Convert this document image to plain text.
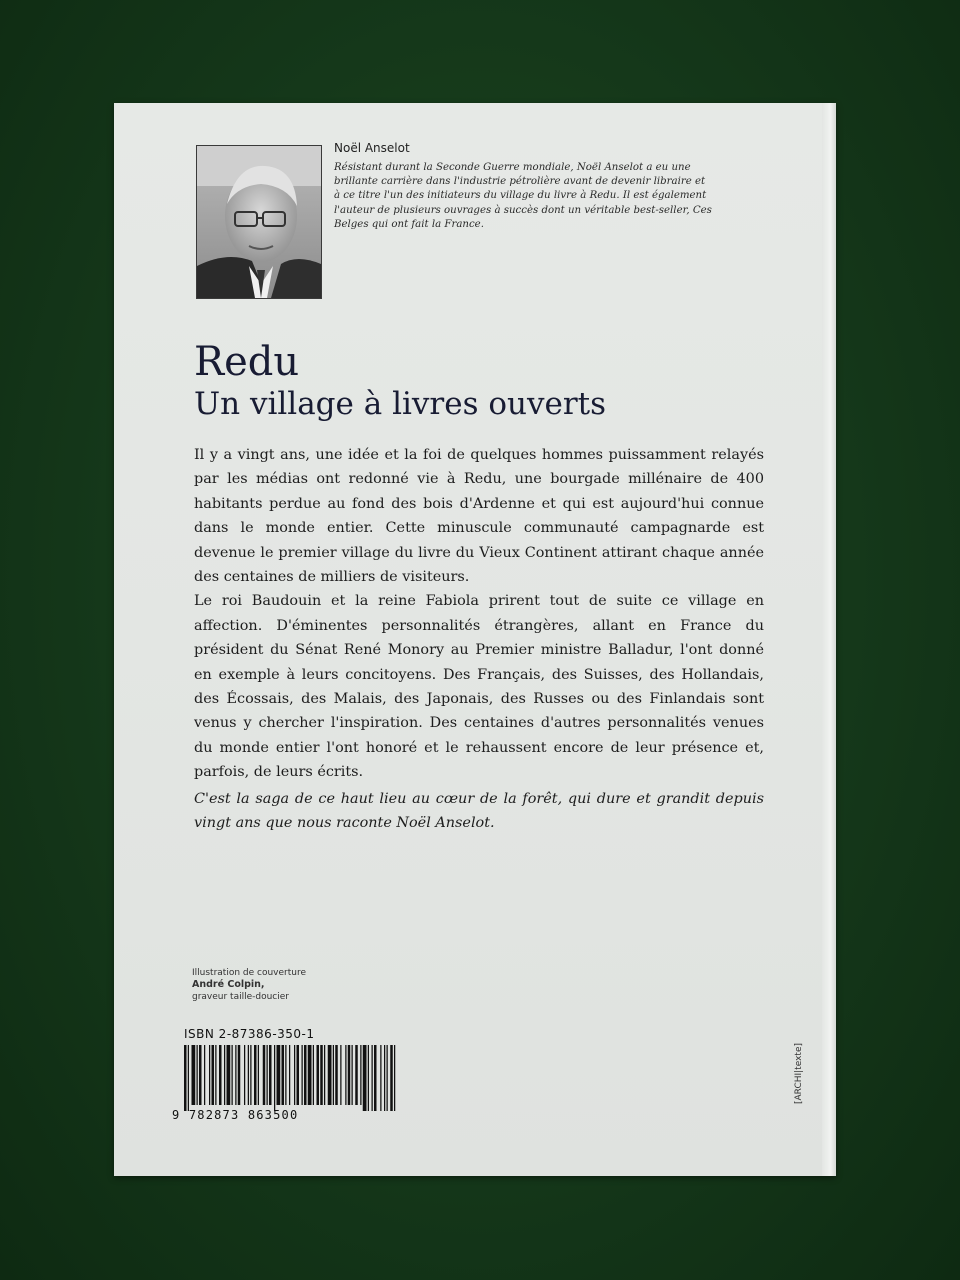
Noël Anselot
Résistant durant la Seconde Guerre mondiale, Noël Anselot a eu une brillante carrière dans l'industrie pétrolière avant de devenir libraire et à ce titre l'un des initiateurs du village du livre à Redu. Il est également l'auteur de plusieurs ouvrages à succès dont un véritable best-seller, Ces Belges qui ont fait la France.
Redu
Un village à livres ouverts

Il y a vingt ans, une idée et la foi de quelques hommes puissamment relayés par les médias ont redonné vie à Redu, une bourgade millénaire de 400 habitants perdue au fond des bois d'Ardenne et qui est aujourd'hui connue dans le monde entier. Cette minuscule communauté campagnarde est devenue le premier village du livre du Vieux Continent attirant chaque année des centaines de milliers de visiteurs.

Le roi Baudouin et la reine Fabiola prirent tout de suite ce village en affection. D'éminentes personnalités étrangères, allant en France du président du Sénat René Monory au Premier ministre Balladur, l'ont donné en exemple à leurs concitoyens. Des Français, des Suisses, des Hollandais, des Écossais, des Malais, des Japonais, des Russes ou des Finlandais sont venus y chercher l'inspiration. Des centaines d'autres personnalités venues du monde entier l'ont honoré et le rehaussent encore de leur présence et, parfois, de leurs écrits.

C'est la saga de ce haut lieu au cœur de la forêt, qui dure et grandit depuis vingt ans que nous raconte Noël Anselot.

Illustration de couverture
André Colpin,
graveur taille-doucier
ISBN 2-87386-350-1
9 782873 863500
[ARCHI|texte]
